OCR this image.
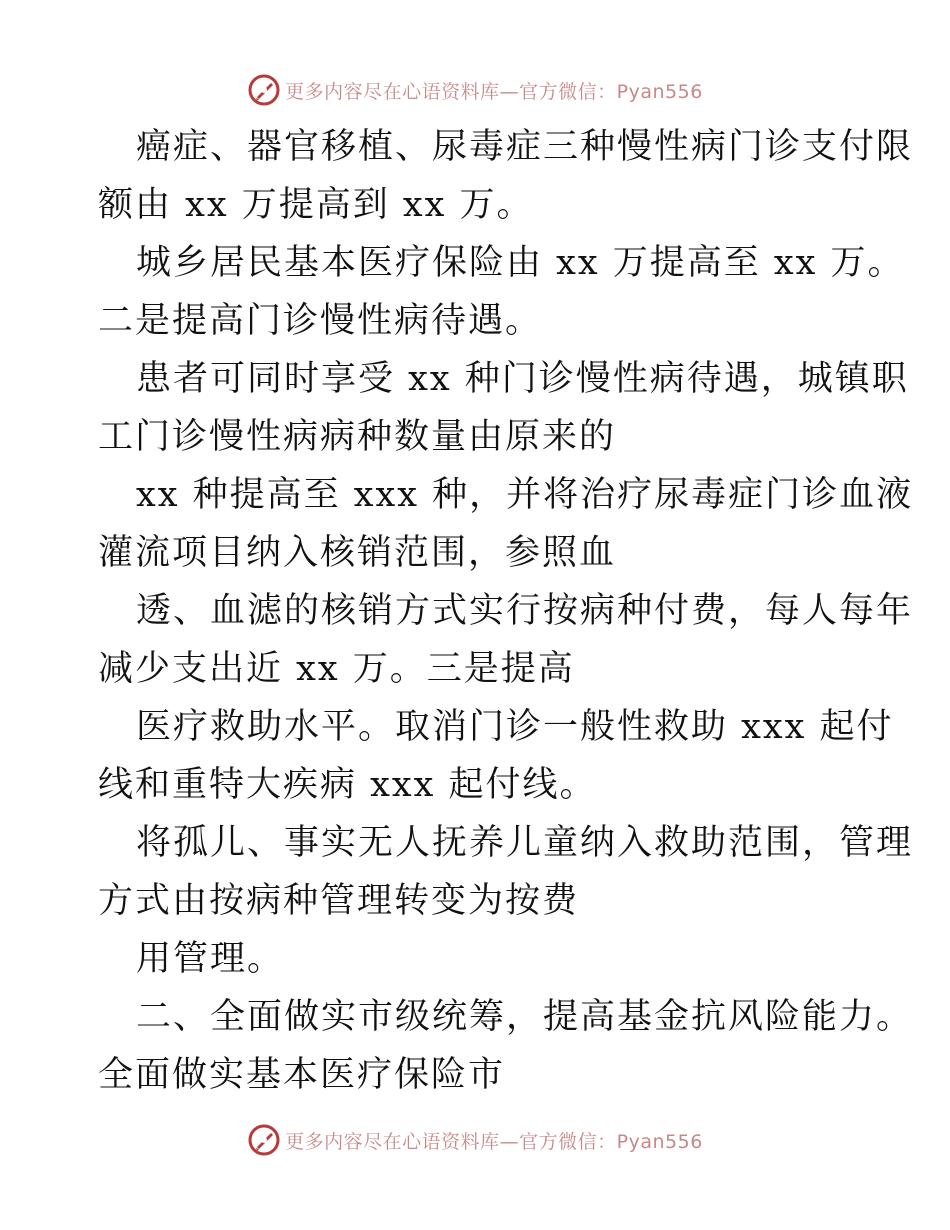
更多内容尽在心语资料库—官方微信：Pyan556
癌症、器官移植、尿毒症三种慢性病门诊支付限
额由 xx 万提高到 xx 万。
城乡居民基本医疗保险由 xx 万提高至 xx 万。
二是提高门诊慢性病待遇。
患者可同时享受 xx 种门诊慢性病待遇，城镇职
工门诊慢性病病种数量由原来的
xx 种提高至 xxx 种，并将治疗尿毒症门诊血液
灌流项目纳入核销范围，参照血
透、血滤的核销方式实行按病种付费，每人每年
减少支出近 xx 万。三是提高
医疗救助水平。取消门诊一般性救助 xxx 起付
线和重特大疾病 xxx 起付线。
将孤儿、事实无人抚养儿童纳入救助范围，管理
方式由按病种管理转变为按费
用管理。
二、全面做实市级统筹，提高基金抗风险能力。
全面做实基本医疗保险市
更多内容尽在心语资料库—官方微信：Pyan556
